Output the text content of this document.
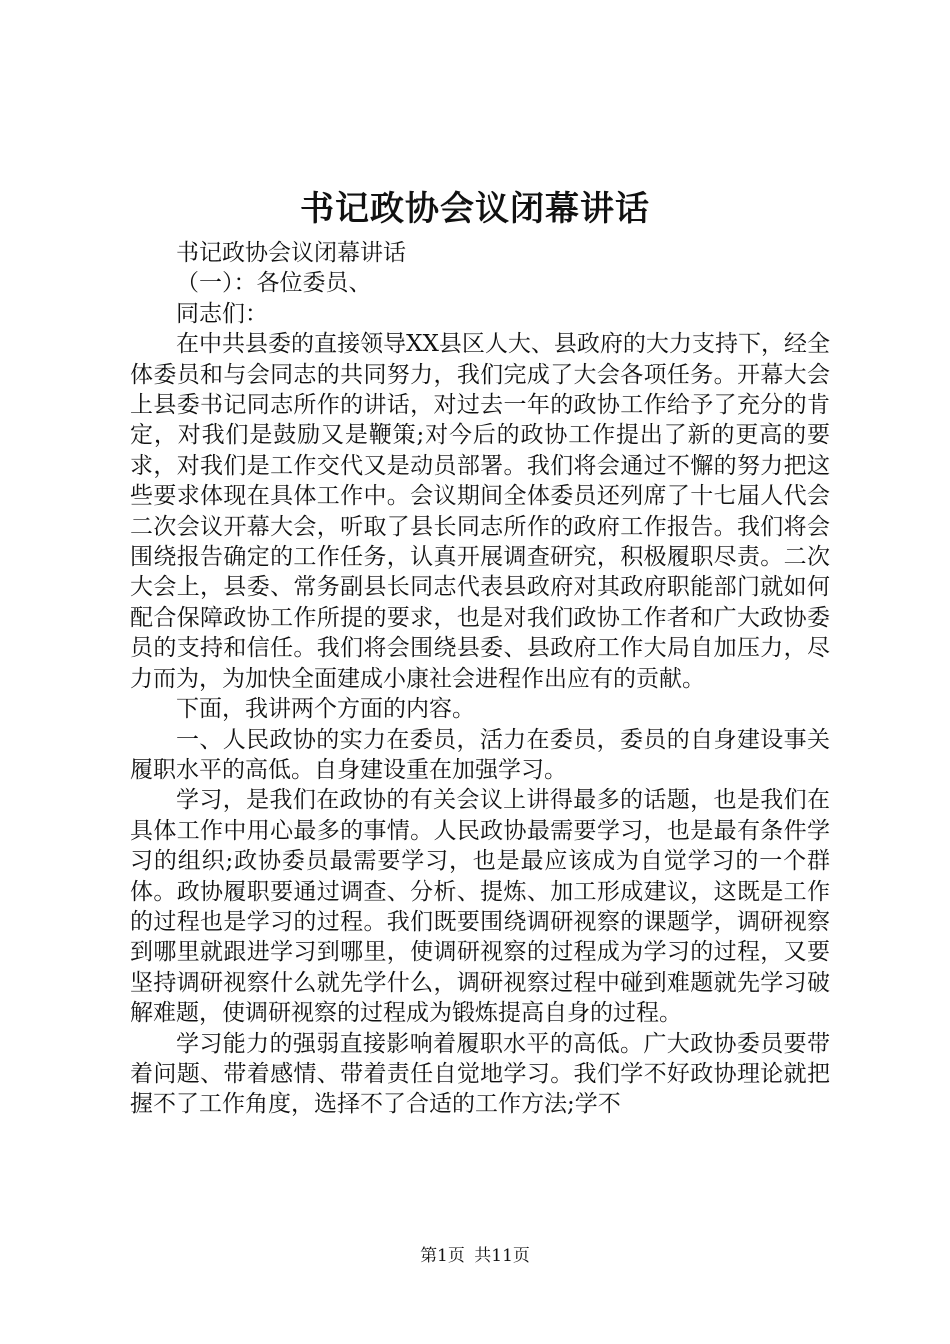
书记政协会议闭幕讲话

书记政协会议闭幕讲话

（一）：各位委员、

同志们：

在中共县委的直接领导XX县区人大、县政府的大力支持下，经全体委员和与会同志的共同努力，我们完成了大会各项任务。开幕大会上县委书记同志所作的讲话，对过去一年的政协工作给予了充分的肯定，对我们是鼓励又是鞭策;对今后的政协工作提出了新的更高的要求，对我们是工作交代又是动员部署。我们将会通过不懈的努力把这些要求体现在具体工作中。会议期间全体委员还列席了十七届人代会二次会议开幕大会，听取了县长同志所作的政府工作报告。我们将会围绕报告确定的工作任务，认真开展调查研究，积极履职尽责。二次大会上，县委、常务副县长同志代表县政府对其政府职能部门就如何配合保障政协工作所提的要求，也是对我们政协工作者和广大政协委员的支持和信任。我们将会围绕县委、县政府工作大局自加压力，尽力而为，为加快全面建成小康社会进程作出应有的贡献。

下面，我讲两个方面的内容。

一、人民政协的实力在委员，活力在委员，委员的自身建设事关履职水平的高低。自身建设重在加强学习。

学习，是我们在政协的有关会议上讲得最多的话题，也是我们在具体工作中用心最多的事情。人民政协最需要学习，也是最有条件学习的组织;政协委员最需要学习，也是最应该成为自觉学习的一个群体。政协履职要通过调查、分析、提炼、加工形成建议，这既是工作的过程也是学习的过程。我们既要围绕调研视察的课题学，调研视察到哪里就跟进学习到哪里，使调研视察的过程成为学习的过程，又要坚持调研视察什么就先学什么，调研视察过程中碰到难题就先学习破解难题，使调研视察的过程成为锻炼提高自身的过程。

学习能力的强弱直接影响着履职水平的高低。广大政协委员要带着问题、带着感情、带着责任自觉地学习。我们学不好政协理论就把握不了工作角度，选择不了合适的工作方法;学不

第1页 共11页
